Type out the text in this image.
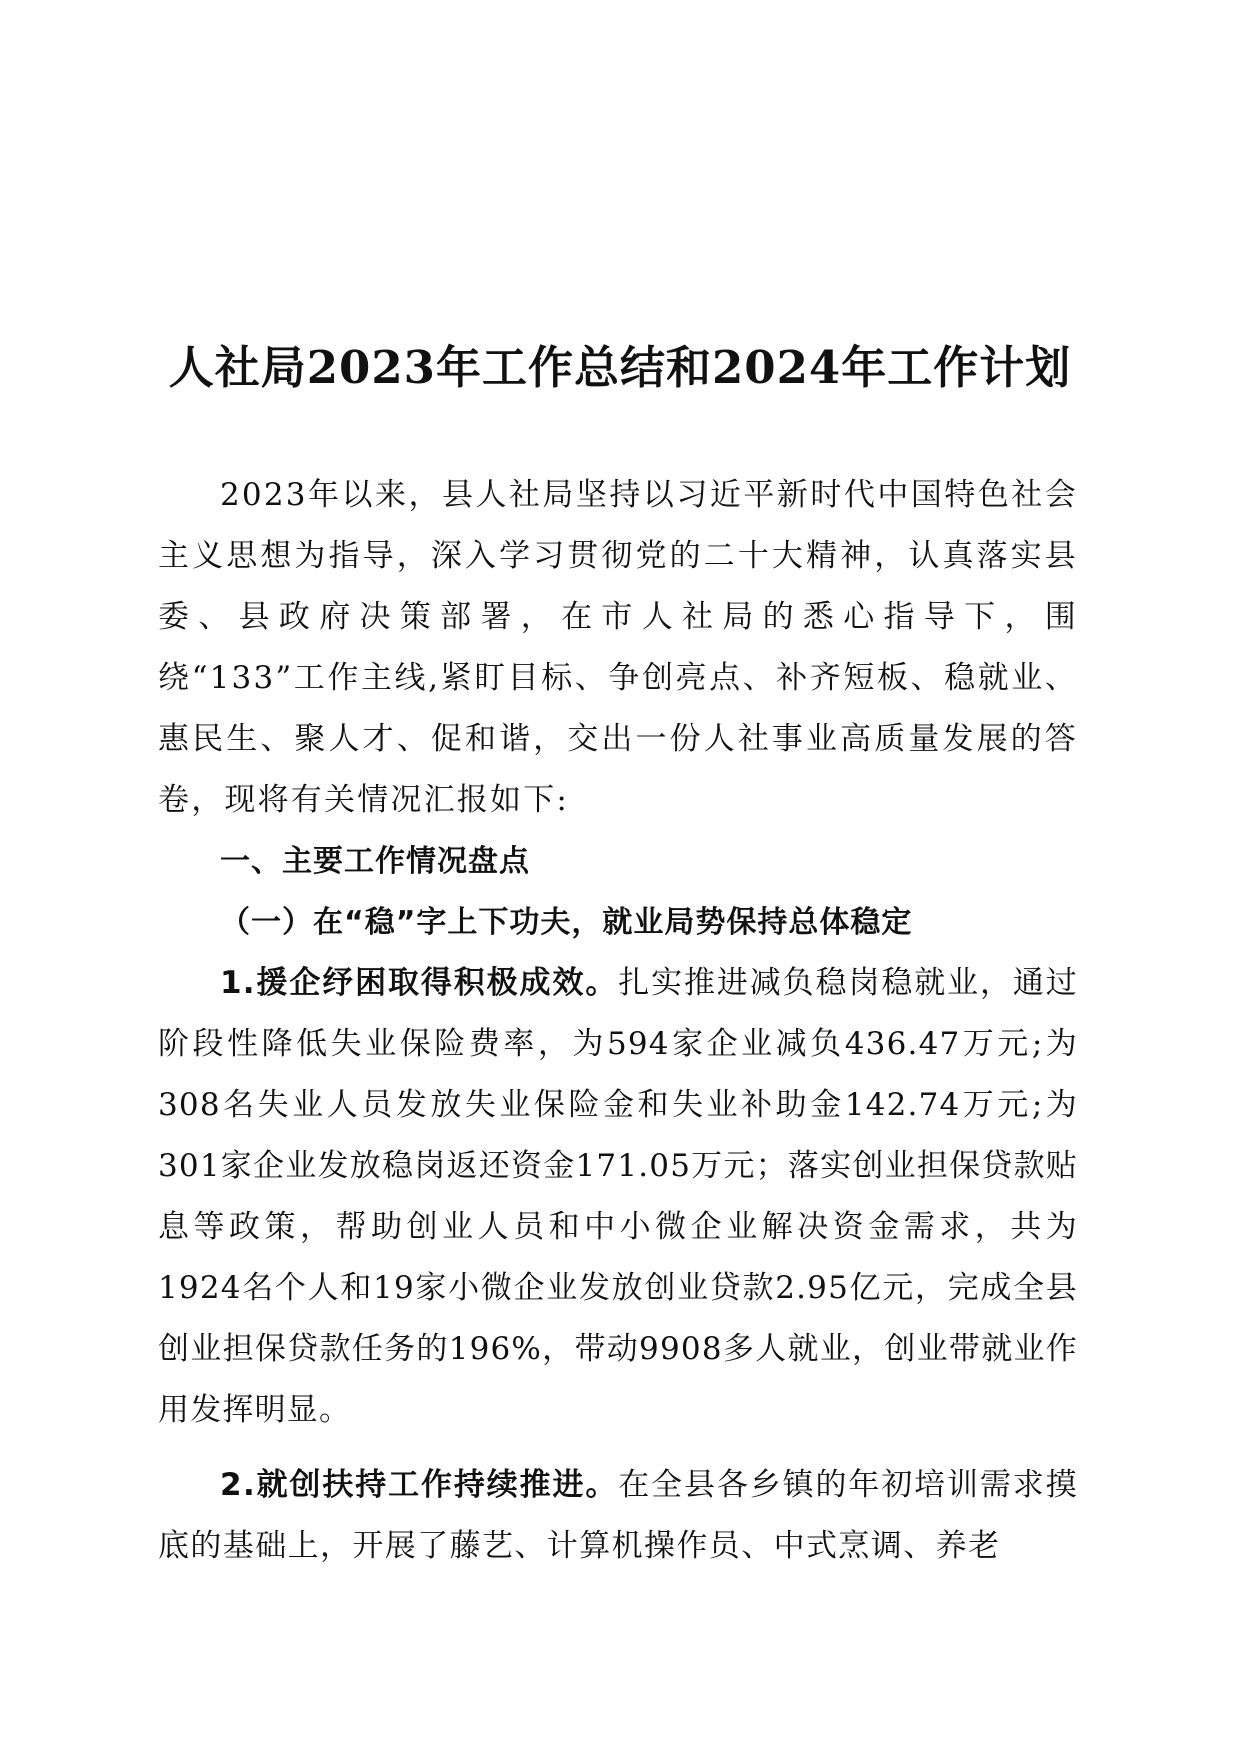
人社局2023年工作总结和2024年工作计划

2023年以来，县人社局坚持以习近平新时代中国特色社会主义思想为指导，深入学习贯彻党的二十大精神，认真落实县委、县政府决策部署，在市人社局的悉心指导下，围绕“133”工作主线,紧盯目标、争创亮点、补齐短板、稳就业、惠民生、聚人才、促和谐，交出一份人社事业高质量发展的答卷，现将有关情况汇报如下:

一、主要工作情况盘点

（一）在“稳”字上下功夫，就业局势保持总体稳定

1.援企纾困取得积极成效。扎实推进减负稳岗稳就业，通过阶段性降低失业保险费率，为594家企业减负436.47万元;为308名失业人员发放失业保险金和失业补助金142.74万元;为301家企业发放稳岗返还资金171.05万元；落实创业担保贷款贴息等政策，帮助创业人员和中小微企业解决资金需求，共为1924名个人和19家小微企业发放创业贷款2.95亿元，完成全县创业担保贷款任务的196%，带动9908多人就业，创业带就业作用发挥明显。

2.就创扶持工作持续推进。在全县各乡镇的年初培训需求摸底的基础上，开展了藤艺、计算机操作员、中式烹调、养老
